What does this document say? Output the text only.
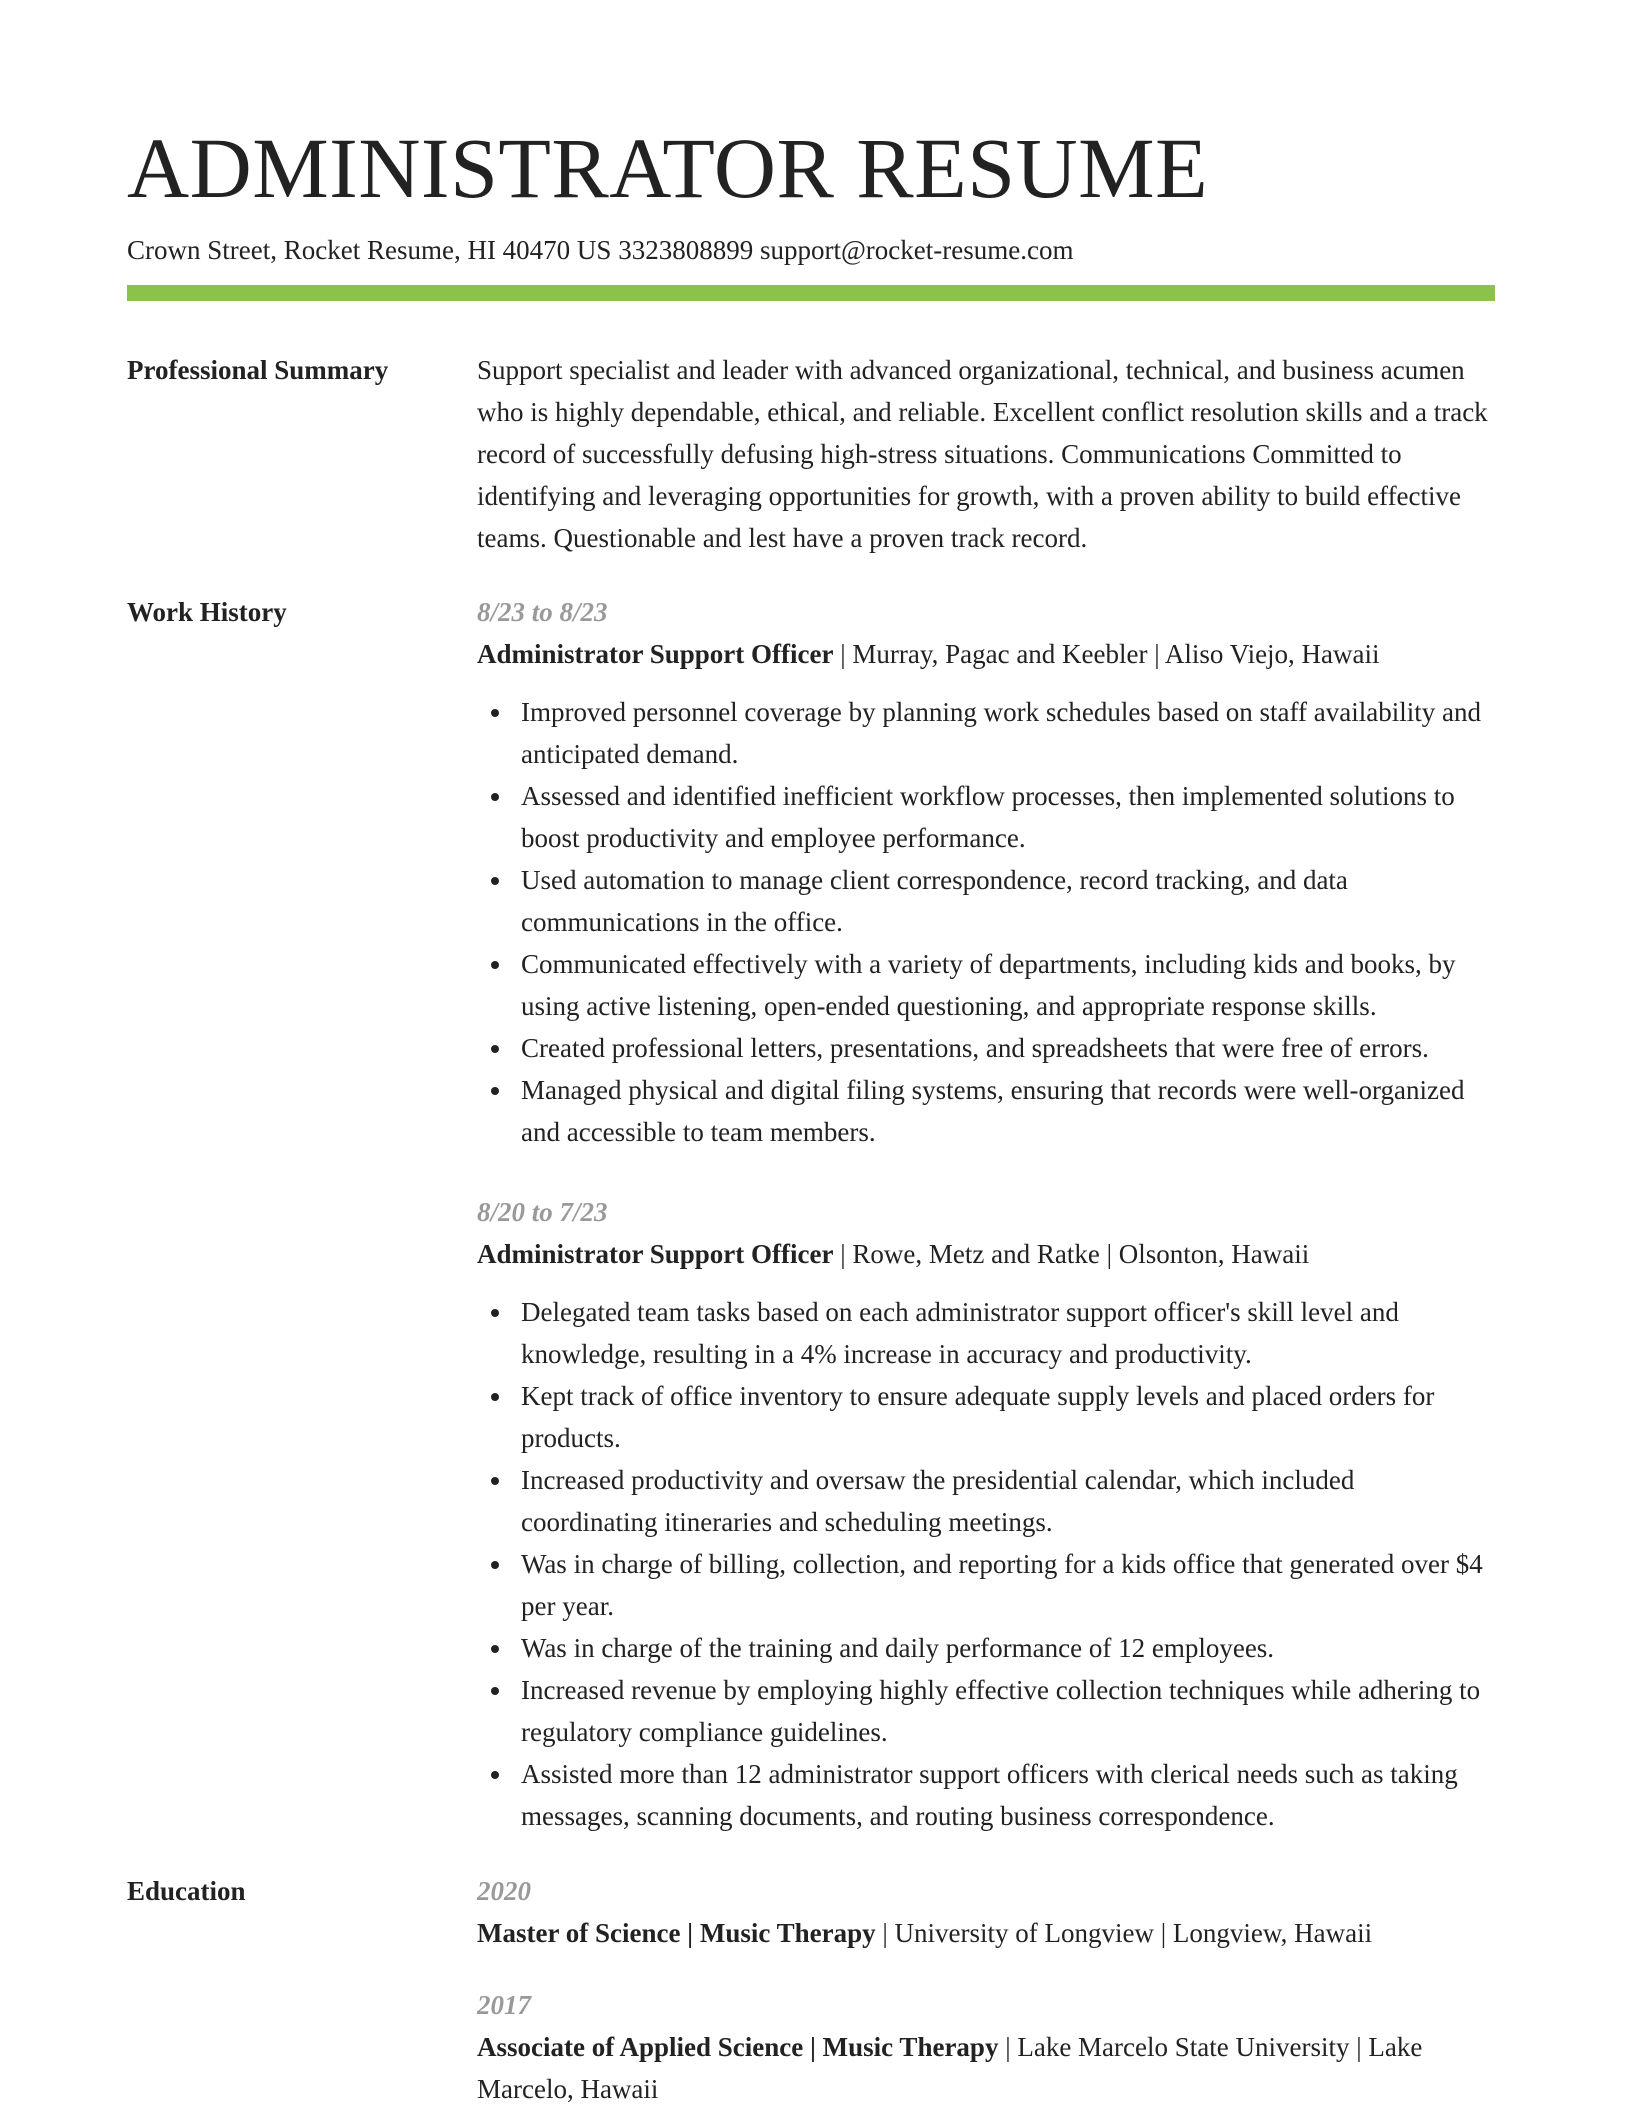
ADMINISTRATOR RESUME
Crown Street, Rocket Resume, HI 40470 US 3323808899 support@rocket-resume.com
Professional Summary	Support specialist and leader with advanced organizational, technical, and business acumen who is highly dependable, ethical, and reliable. Excellent conflict resolution skills and a track record of successfully defusing high-stress situations. Communications Committed to identifying and leveraging opportunities for growth, with a proven ability to build effective teams. Questionable and lest have a proven track record.
Work History	8/23 to 8/23
Administrator Support Officer | Murray, Pagac and Keebler | Aliso Viejo, Hawaii
Improved personnel coverage by planning work schedules based on staff availability and anticipated demand.
Assessed and identified inefficient workflow processes, then implemented solutions to boost productivity and employee performance.
Used automation to manage client correspondence, record tracking, and data communications in the office.
Communicated effectively with a variety of departments, including kids and books, by using active listening, open-ended questioning, and appropriate response skills.
Created professional letters, presentations, and spreadsheets that were free of errors.
Managed physical and digital filing systems, ensuring that records were well-organized and accessible to team members.
8/20 to 7/23
Administrator Support Officer | Rowe, Metz and Ratke | Olsonton, Hawaii
Delegated team tasks based on each administrator support officer's skill level and knowledge, resulting in a 4% increase in accuracy and productivity.
Kept track of office inventory to ensure adequate supply levels and placed orders for products.
Increased productivity and oversaw the presidential calendar, which included coordinating itineraries and scheduling meetings.
Was in charge of billing, collection, and reporting for a kids office that generated over $4 per year.
Was in charge of the training and daily performance of 12 employees.
Increased revenue by employing highly effective collection techniques while adhering to regulatory compliance guidelines.
Assisted more than 12 administrator support officers with clerical needs such as taking messages, scanning documents, and routing business correspondence.
Education	2020
Master of Science | Music Therapy | University of Longview | Longview, Hawaii
2017
Associate of Applied Science | Music Therapy | Lake Marcelo State University | Lake Marcelo, Hawaii
